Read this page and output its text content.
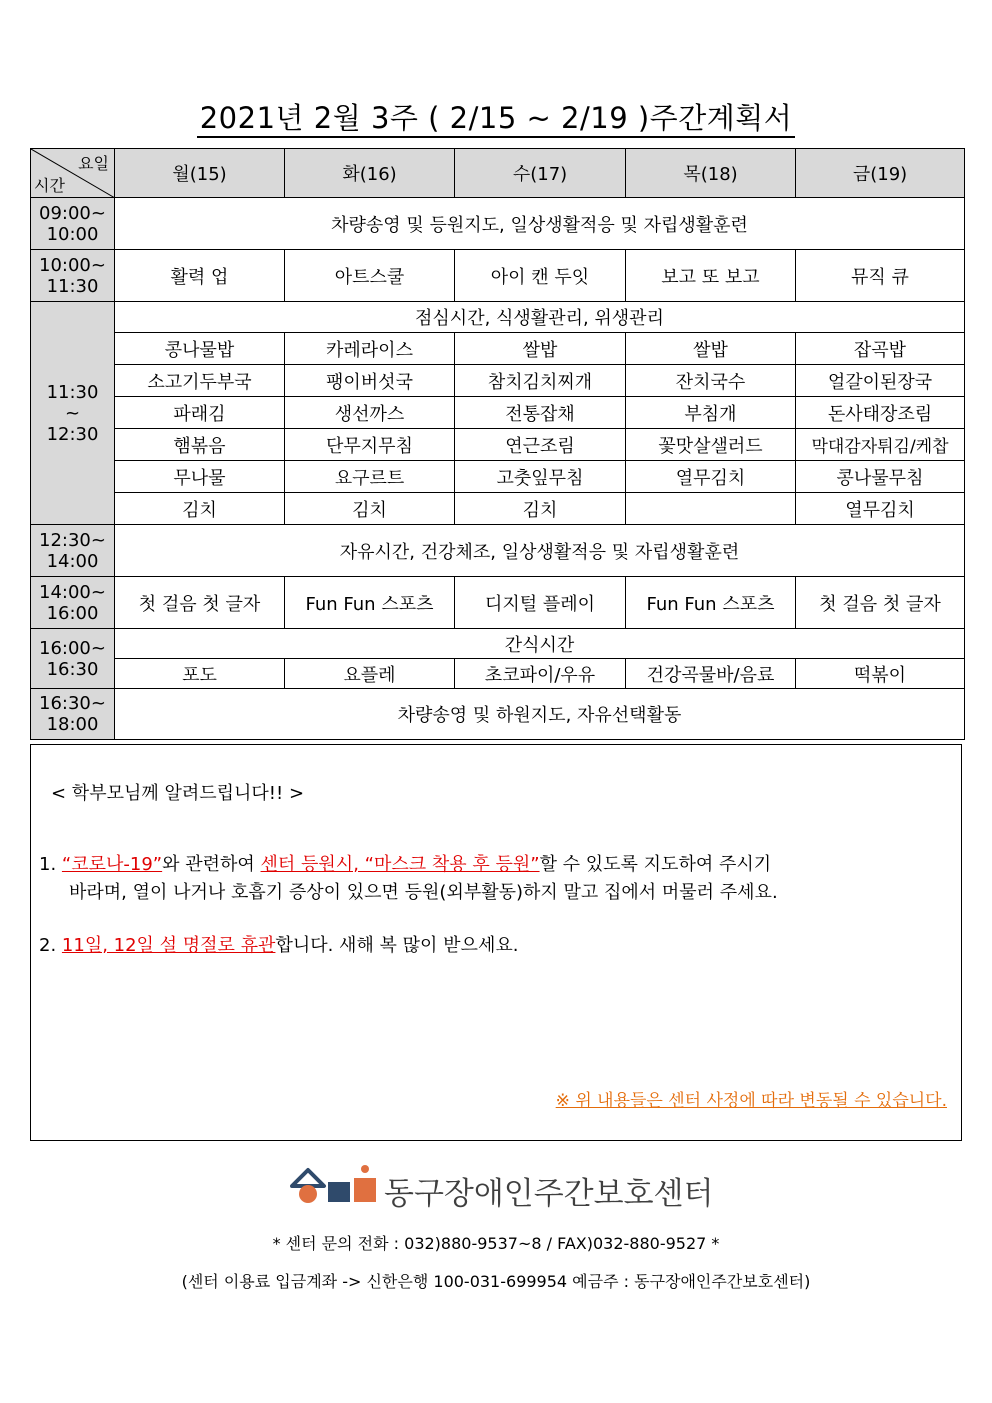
2021년 2월 3주 ( 2/15 ~ 2/19 )주간계획서
요일
시간	월(15)	화(16)	수(17)	목(18)	금(19)
09:00~
10:00	차량송영 및 등원지도, 일상생활적응 및 자립생활훈련				
10:00~
11:30	활력 업	아트스쿨	아이 캔 두잇	보고 또 보고	뮤직 큐
11:30
~
12:30	점심시간, 식생활관리, 위생관리				
	콩나물밥	카레라이스	쌀밥	쌀밥	잡곡밥
	소고기두부국	팽이버섯국	참치김치찌개	잔치국수	얼갈이된장국
	파래김	생선까스	전통잡채	부침개	돈사태장조림
	햄볶음	단무지무침	연근조림	꽃맛살샐러드	막대감자튀김/케찹
	무나물	요구르트	고춧잎무침	열무김치	콩나물무침
	김치	김치	김치		열무김치
12:30~
14:00	자유시간, 건강체조, 일상생활적응 및 자립생활훈련				
14:00~
16:00	첫 걸음 첫 글자	Fun Fun 스포츠	디지털 플레이	Fun Fun 스포츠	첫 걸음 첫 글자
16:00~
16:30	간식시간				
	포도	요플레	초코파이/우유	건강곡물바/음료	떡볶이
16:30~
18:00	차량송영 및 하원지도, 자유선택활동				
< 학부모님께 알려드립니다!! >
1. “코로나-19”와 관련하여 센터 등원시, “마스크 착용 후 등원”할 수 있도록 지도하여 주시기
바라며, 열이 나거나 호흡기 증상이 있으면 등원(외부활동)하지 말고 집에서 머물러 주세요.
2. 11일, 12일 설 명절로 휴관합니다. 새해 복 많이 받으세요.
※ 위 내용들은 센터 사정에 따라 변동될 수 있습니다.
동구장애인주간보호센터
* 센터 문의 전화 : 032)880-9537~8 / FAX)032-880-9527 *
(센터 이용료 입금계좌 -> 신한은행 100-031-699954 예금주 : 동구장애인주간보호센터)
